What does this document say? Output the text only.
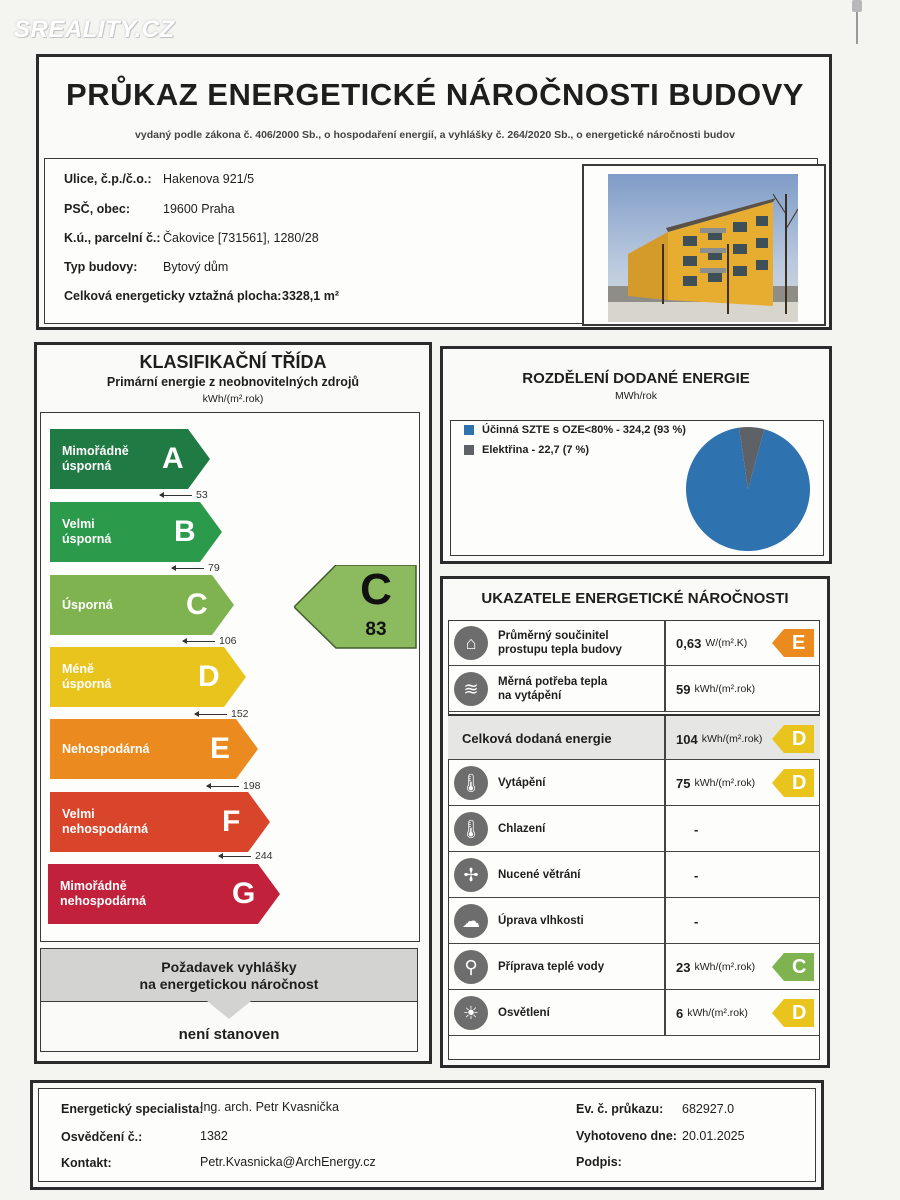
SREALITY.CZ
PRŮKAZ ENERGETICKÉ NÁROČNOSTI BUDOVY
vydaný podle zákona č. 406/2000 Sb., o hospodaření energií, a vyhlášky č. 264/2020 Sb., o energetické náročnosti budov
Ulice, č.p./č.o.: Hakenova 921/5
PSČ, obec:	19600 Praha
K.ú., parcelní č.: Čakovice [731561], 1280/28
Typ budovy: Bytový dům
Celková energeticky vztažná plocha: 3328,1 m²
KLASIFIKAČNÍ TŘÍDA
Primární energie z neobnovitelných zdrojů
kWh/(m².rok)
Mimořádně úsporná	A
Velmi úsporná	B
Úsporná C
Méně úsporná	D
Nehospodárná E
Velmi nehospodárná F
Mimořádně nehospodárná	G
53
79
106
152
198
244
C
83
Požadavek vyhlášky
na energetickou náročnost
není stanoven
ROZDĚLENÍ DODANÉ ENERGIE
MWh/rok
Účinná SZTE s OZE<80% - 324,2 (93 %)
Elektřina - 22,7 (7 %)
UKAZATELE ENERGETICKÉ NÁROČNOSTI
⌂	Průměrný součinitel
prostupu tepla budovy	0,63 W/(m².K) E
≋	Měrná potřeba tepla
na vytápění	59 kWh/(m².rok)
Celková dodaná energie	104 kWh/(m².rok) D
🌡	Vytápění	75 kWh/(m².rok) D
🌡	Chlazení	-
✢	Nucené větrání	-
☁	Úprava vlhkosti	-
⚲	Příprava teplé vody	23 kWh/(m².rok) C
☀	Osvětlení	6 kWh/(m².rok) D
Energetický specialista:
Ing. arch. Petr Kvasnička
Osvědčení č.:	1382
Kontakt:	Petr.Kvasnicka@ArchEnergy.cz
Ev. č. průkazu: 682927.0
Vyhotoveno dne: 20.01.2025
Podpis:
